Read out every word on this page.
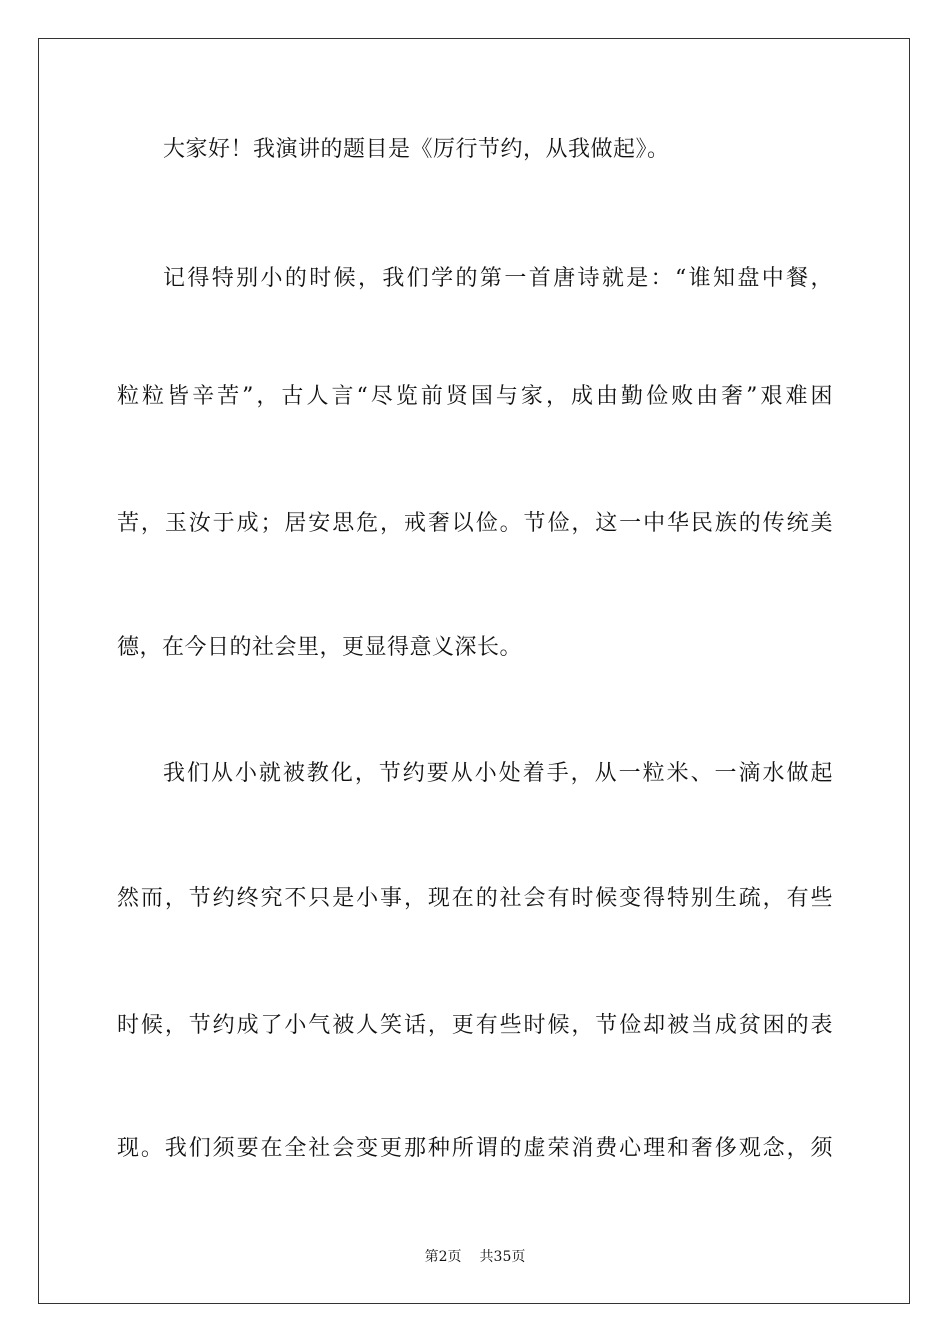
大家好！我演讲的题目是《厉行节约，从我做起》。
记得特别小的时候，我们学的第一首唐诗就是：“谁知盘中餐，
粒粒皆辛苦”，古人言“尽览前贤国与家，成由勤俭败由奢”艰难困
苦，玉汝于成；居安思危，戒奢以俭。节俭，这一中华民族的传统美
德，在今日的社会里，更显得意义深长。
我们从小就被教化，节约要从小处着手，从一粒米、一滴水做起
然而，节约终究不只是小事，现在的社会有时候变得特别生疏，有些
时候，节约成了小气被人笑话，更有些时候，节俭却被当成贫困的表
现。我们须要在全社会变更那种所谓的虚荣消费心理和奢侈观念，须
第2页 共35页
